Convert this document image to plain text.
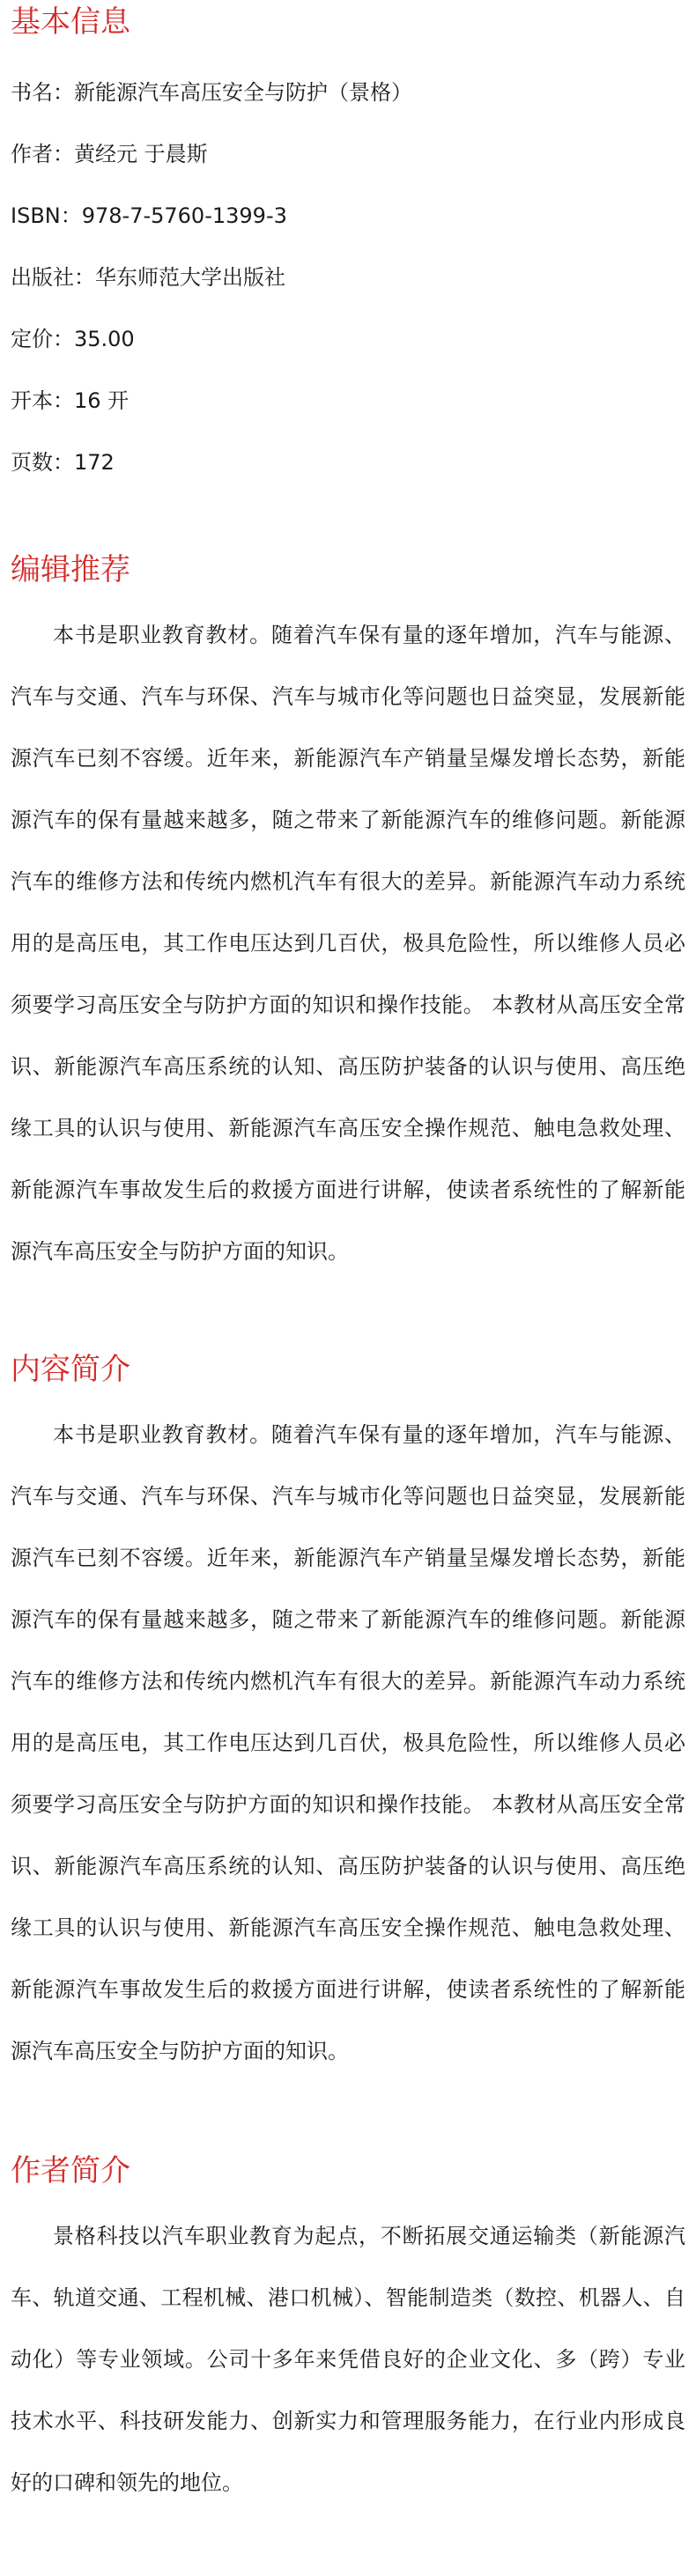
基本信息
书名：新能源汽车高压安全与防护（景格）
作者：黄经元 于晨斯
ISBN：978-7-5760-1399-3
出版社：华东师范大学出版社
定价：35.00
开本：16 开
页数：172
编辑推荐

本书是职业教育教材。随着汽车保有量的逐年增加，汽车与能源、汽车与交通、汽车与环保、汽车与城市化等问题也日益突显，发展新能源汽车已刻不容缓。近年来，新能源汽车产销量呈爆发增长态势，新能源汽车的保有量越来越多，随之带来了新能源汽车的维修问题。新能源汽车的维修方法和传统内燃机汽车有很大的差异。新能源汽车动力系统用的是高压电，其工作电压达到几百伏，极具危险性，所以维修人员必须要学习高压安全与防护方面的知识和操作技能。 本教材从高压安全常识、新能源汽车高压系统的认知、高压防护装备的认识与使用、高压绝缘工具的认识与使用、新能源汽车高压安全操作规范、触电急救处理、新能源汽车事故发生后的救援方面进行讲解，使读者系统性的了解新能源汽车高压安全与防护方面的知识。

内容简介

本书是职业教育教材。随着汽车保有量的逐年增加，汽车与能源、汽车与交通、汽车与环保、汽车与城市化等问题也日益突显，发展新能源汽车已刻不容缓。近年来，新能源汽车产销量呈爆发增长态势，新能源汽车的保有量越来越多，随之带来了新能源汽车的维修问题。新能源汽车的维修方法和传统内燃机汽车有很大的差异。新能源汽车动力系统用的是高压电，其工作电压达到几百伏，极具危险性，所以维修人员必须要学习高压安全与防护方面的知识和操作技能。 本教材从高压安全常识、新能源汽车高压系统的认知、高压防护装备的认识与使用、高压绝缘工具的认识与使用、新能源汽车高压安全操作规范、触电急救处理、新能源汽车事故发生后的救援方面进行讲解，使读者系统性的了解新能源汽车高压安全与防护方面的知识。

作者简介

景格科技以汽车职业教育为起点，不断拓展交通运输类（新能源汽车、轨道交通、工程机械、港口机械）、智能制造类（数控、机器人、自动化）等专业领域。公司十多年来凭借良好的企业文化、多（跨）专业技术水平、科技研发能力、创新实力和管理服务能力，在行业内形成良好的口碑和领先的地位。
